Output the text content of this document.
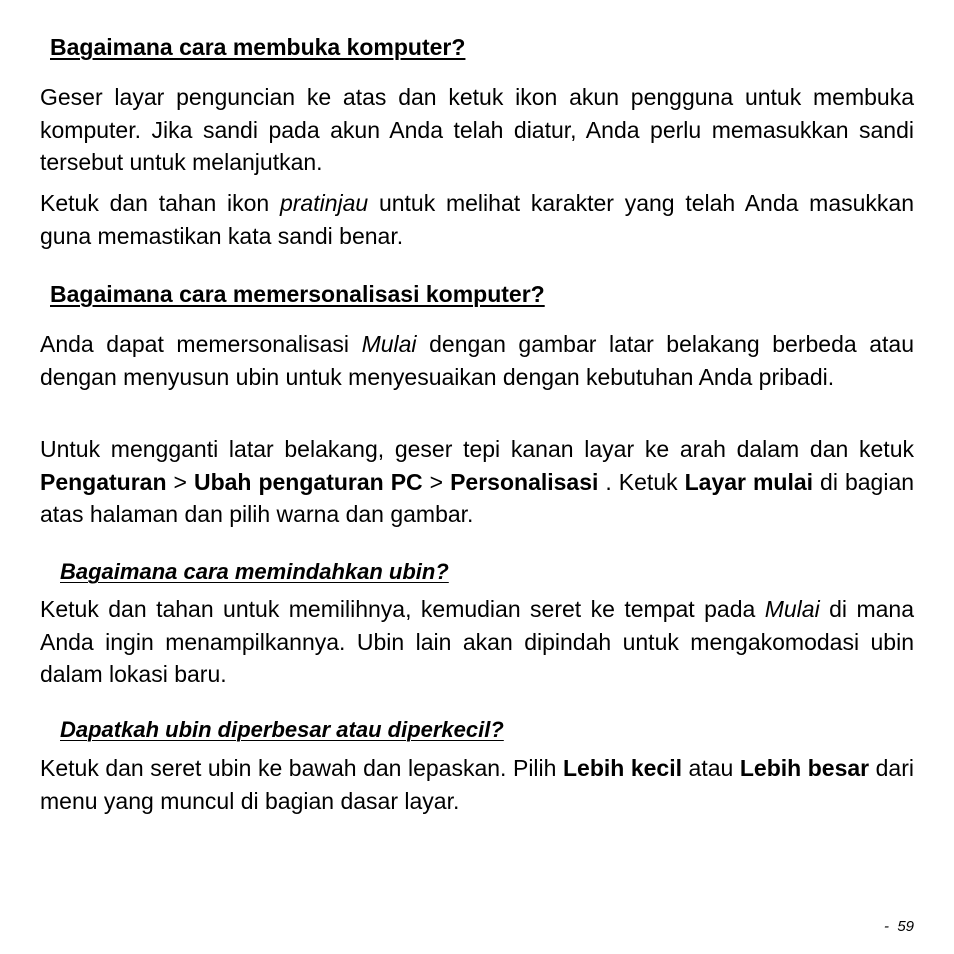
Bagaimana cara membuka komputer?

Geser layar penguncian ke atas dan ketuk ikon akun pengguna untuk membuka komputer. Jika sandi pada akun Anda telah diatur, Anda perlu memasukkan sandi tersebut untuk melanjutkan.

Ketuk dan tahan ikon pratinjau untuk melihat karakter yang telah Anda masukkan guna memastikan kata sandi benar.

Bagaimana cara memersonalisasi komputer?

Anda dapat memersonalisasi Mulai dengan gambar latar belakang berbeda atau dengan menyusun ubin untuk menyesuaikan dengan kebutuhan Anda pribadi.

Untuk mengganti latar belakang, geser tepi kanan layar ke arah dalam dan ketuk Pengaturan > Ubah pengaturan PC > Personalisasi . Ketuk Layar mulai di bagian atas halaman dan pilih warna dan gambar.

Bagaimana cara memindahkan ubin?

Ketuk dan tahan untuk memilihnya, kemudian seret ke tempat pada Mulai di mana Anda ingin menampilkannya. Ubin lain akan dipindah untuk mengakomodasi ubin dalam lokasi baru.

Dapatkah ubin diperbesar atau diperkecil?

Ketuk dan seret ubin ke bawah dan lepaskan. Pilih Lebih kecil atau Lebih besar dari menu yang muncul di bagian dasar layar.

- 59
